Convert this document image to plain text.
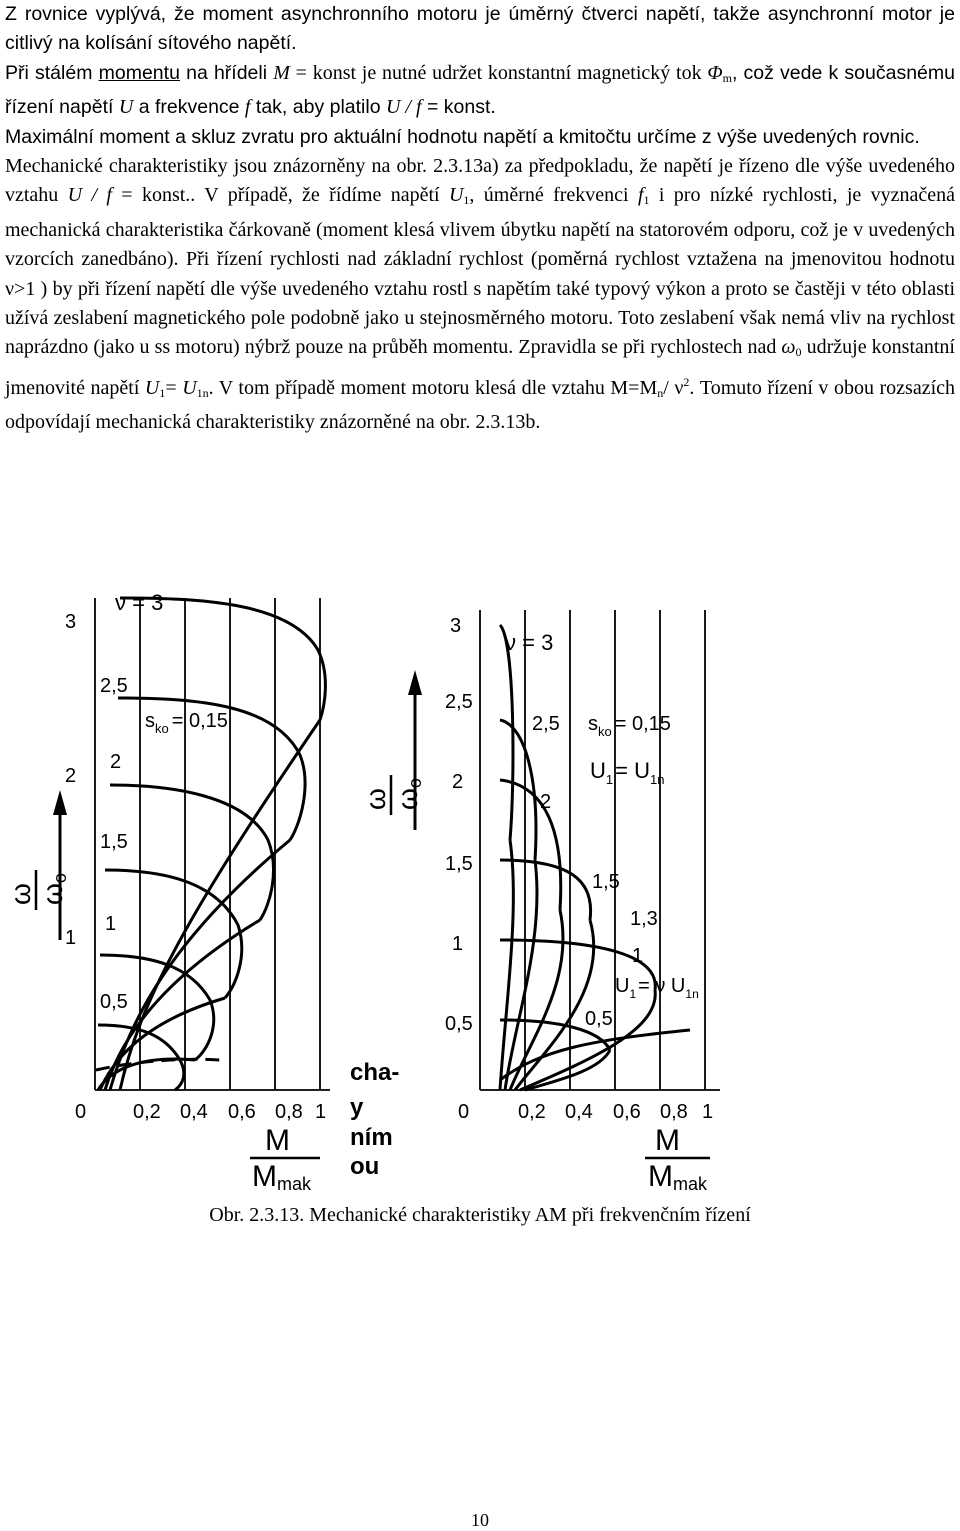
Z rovnice vyplývá, že moment asynchronního motoru je úměrný čtverci napětí, takže asynchronní motor je citlivý na kolísání sítového napětí.

Při stálém momentu na hřídeli M = konst je nutné udržet konstantní magnetický tok $\Phi_m$, což vede k současnému řízení napětí U a frekvence f tak, aby platilo U / f = konst.

Maximální moment a skluz zvratu pro aktuální hodnotu napětí a kmitočtu určíme z výše uvedených rovnic.

Mechanické charakteristiky jsou znázorněny na obr. 2.3.13a) za předpokladu, že napětí je řízeno dle výše uvedeného vztahu U / f = konst.. V případě, že řídíme napětí $U_1$, úměrné frekvenci $f_1$ i pro nízké rychlosti, je vyznačená mechanická charakteristika čárkovaně (moment klesá vlivem úbytku napětí na statorovém odporu, což je v uvedených vzorcích zanedbáno). Při řízení rychlosti nad základní rychlost (poměrná rychlost vztažena na jmenovitou hodnotu ν>1 ) by při řízení napětí dle výše uvedeného vztahu rostl s napětím také typový výkon a proto se častěji v této oblasti užívá zeslabení magnetického pole podobně jako u stejnosměrného motoru. Toto zeslabení však nemá vliv na rychlost naprázdno (jako u ss motoru) nýbrž pouze na průběh momentu. Zpravidla se při rychlostech nad $\omega_0$ udržuje konstantní jmenovité napětí $U_1= U_{1n}$. V tom případě moment motoru klesá dle vztahu $M=M_n/$ $\nu^2$. Tomuto řízení v obou rozsazích odpovídají mechanická charakteristiky znázorněné na obr. 2.3.13b.

ν = 3
3
2
1
0
2,5
2
1,5
1
0,5
$s_{ko} = 0,15$
0,2 0,4 0,6 0,8 1
ω ωo
M
Mmak
cha-
y
ním
ou
ν = 3
3
2,5
2
1,5
1
0,5
0
2,5
2
1,5
1,3
1
0,5
$s_{ko} = 0,15$
$U_1= U_{1n}$
$U_1 = \nu$ $U_{1n}$
0,2 0,4 0,6 0,8 1
ω ωo
M
Mmak
Obr. 2.3.13. Mechanické charakteristiky AM při frekvenčním řízení
10
